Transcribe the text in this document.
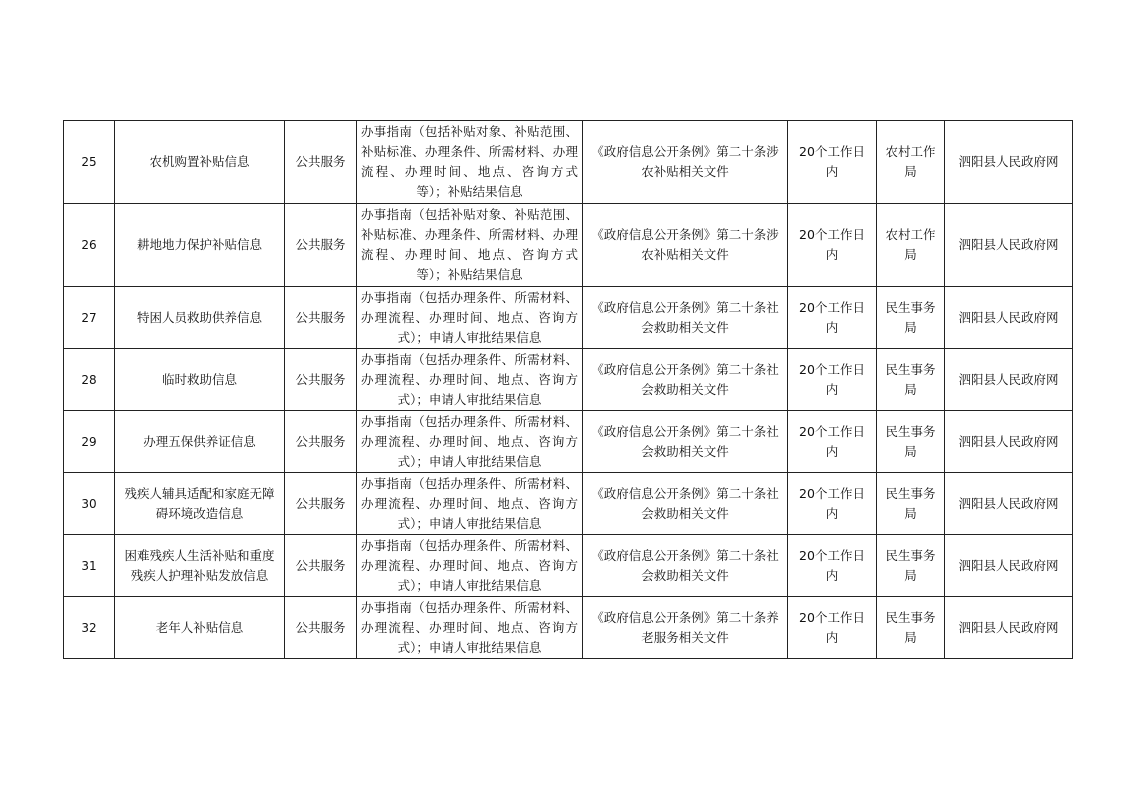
25	农机购置补贴信息	公共服务	办事指南（包括补贴对象、补贴范围、补贴标准、办理条件、所需材料、办理流程、办理时间、地点、咨询方式等）；补贴结果信息	《政府信息公开条例》第二十条涉农补贴相关文件	20个工作日内	农村工作局	泗阳县人民政府网
26	耕地地力保护补贴信息	公共服务	办事指南（包括补贴对象、补贴范围、补贴标准、办理条件、所需材料、办理流程、办理时间、地点、咨询方式等）；补贴结果信息	《政府信息公开条例》第二十条涉农补贴相关文件	20个工作日内	农村工作局	泗阳县人民政府网
27	特困人员救助供养信息	公共服务	办事指南（包括办理条件、所需材料、办理流程、办理时间、地点、咨询方式）；申请人审批结果信息	《政府信息公开条例》第二十条社会救助相关文件	20个工作日内	民生事务局	泗阳县人民政府网
28	临时救助信息	公共服务	办事指南（包括办理条件、所需材料、办理流程、办理时间、地点、咨询方式）；申请人审批结果信息	《政府信息公开条例》第二十条社会救助相关文件	20个工作日内	民生事务局	泗阳县人民政府网
29	办理五保供养证信息	公共服务	办事指南（包括办理条件、所需材料、办理流程、办理时间、地点、咨询方式）；申请人审批结果信息	《政府信息公开条例》第二十条社会救助相关文件	20个工作日内	民生事务局	泗阳县人民政府网
30	残疾人辅具适配和家庭无障碍环境改造信息	公共服务	办事指南（包括办理条件、所需材料、办理流程、办理时间、地点、咨询方式）；申请人审批结果信息	《政府信息公开条例》第二十条社会救助相关文件	20个工作日内	民生事务局	泗阳县人民政府网
31	困难残疾人生活补贴和重度残疾人护理补贴发放信息	公共服务	办事指南（包括办理条件、所需材料、办理流程、办理时间、地点、咨询方式）；申请人审批结果信息	《政府信息公开条例》第二十条社会救助相关文件	20个工作日内	民生事务局	泗阳县人民政府网
32	老年人补贴信息	公共服务	办事指南（包括办理条件、所需材料、办理流程、办理时间、地点、咨询方式）；申请人审批结果信息	《政府信息公开条例》第二十条养老服务相关文件	20个工作日内	民生事务局	泗阳县人民政府网
